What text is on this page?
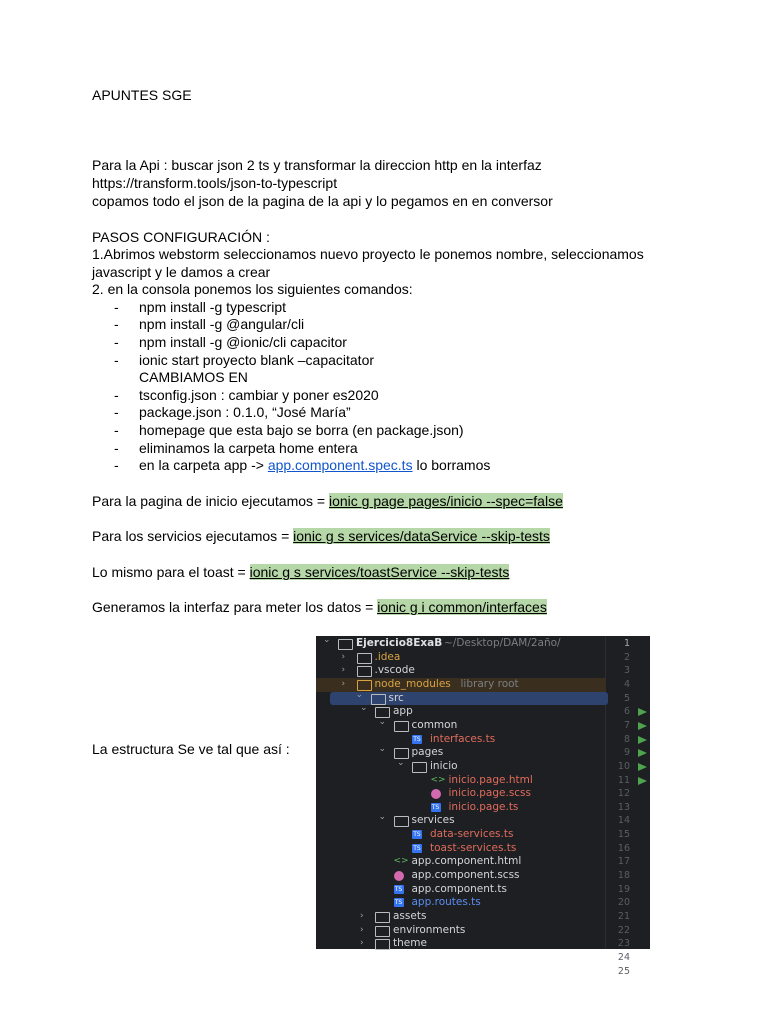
APUNTES SGE
Para la Api : buscar json 2 ts y transformar la direccion http en la interfaz
https://transform.tools/json-to-typescript
copamos todo el json de la pagina de la api y lo pegamos en en conversor
PASOS CONFIGURACIÓN :
1.Abrimos webstorm seleccionamos nuevo proyecto le ponemos nombre, seleccionamos
javascript y le damos a crear
2. en la consola ponemos los siguientes comandos:
- npm install -g typescript
- npm install -g @angular/cli
- npm install -g @ionic/cli capacitor
- ionic start proyecto blank –capacitator
CAMBIAMOS EN
- tsconfig.json : cambiar y poner es2020
- package.json : 0.1.0, “José María”
- homepage que esta bajo se borra (en package.json)
- eliminamos la carpeta home entera
- en la carpeta app -> app.component.spec.ts lo borramos
Para la pagina de inicio ejecutamos = ionic g page pages/inicio --spec=false
Para los servicios ejecutamos = ionic g s services/dataService --skip-tests
Lo mismo para el toast = ionic g s services/toastService --skip-tests
Generamos la interfaz para meter los datos = ionic g i common/interfaces
La estructura Se ve tal que así :
1
2
3
4
5
6
7
8
9
10
11
12
13
14
15
16
17
18
19
20
21
22
23
24
25
⌄ Ejercicio8ExaB ~/Desktop/DAM/2año/
›	.idea
›	.vscode
›	node_modules library root
⌄ src
⌄ app
⌄ common
TS interfaces.ts
⌄ pages
⌄ inicio
<> inicio.page.html
inicio.page.scss
TS inicio.page.ts
⌄ services
TS data-services.ts
TS toast-services.ts
<> app.component.html
app.component.scss
TS app.component.ts
TS app.routes.ts
›	assets
›	environments
›	theme
